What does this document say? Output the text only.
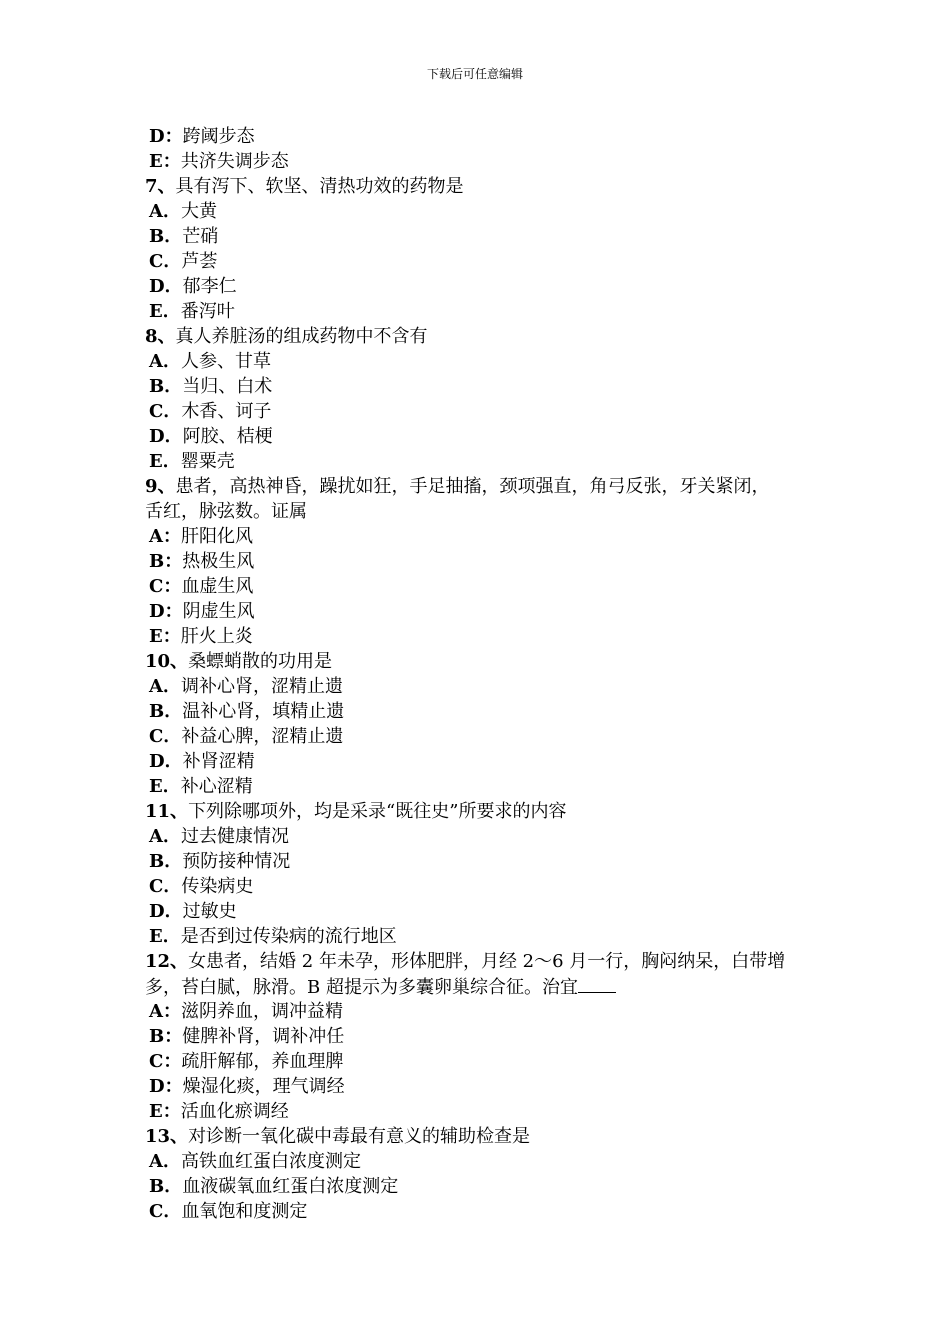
下载后可任意编辑
D：跨阈步态
E：共济失调步态
7、具有泻下、软坚、清热功效的药物是
A．大黄
B．芒硝
C．芦荟
D．郁李仁
E．番泻叶
8、真人养脏汤的组成药物中不含有
A．人参、甘草
B．当归、白术
C．木香、诃子
D．阿胶、桔梗
E．罂粟壳
9、患者，高热神昏，躁扰如狂，手足抽搐，颈项强直，角弓反张，牙关紧闭，
舌红，脉弦数。证属
A：肝阳化风
B：热极生风
C：血虚生风
D：阴虚生风
E：肝火上炎
10、桑螵蛸散的功用是
A．调补心肾，涩精止遗
B．温补心肾，填精止遗
C．补益心脾，涩精止遗
D．补肾涩精
E．补心涩精
11、下列除哪项外，均是采录“既往史”所要求的内容
A．过去健康情况
B．预防接种情况
C．传染病史
D．过敏史
E．是否到过传染病的流行地区
12、女患者，结婚 2 年未孕，形体肥胖，月经 2～6 月一行，胸闷纳呆，白带增
多，苔白腻，脉滑。B 超提示为多囊卵巢综合征。治宜
A：滋阴养血，调冲益精
B：健脾补肾，调补冲任
C：疏肝解郁，养血理脾
D：燥湿化痰，理气调经
E：活血化瘀调经
13、对诊断一氧化碳中毒最有意义的辅助检查是
A．高铁血红蛋白浓度测定
B．血液碳氧血红蛋白浓度测定
C．血氧饱和度测定
